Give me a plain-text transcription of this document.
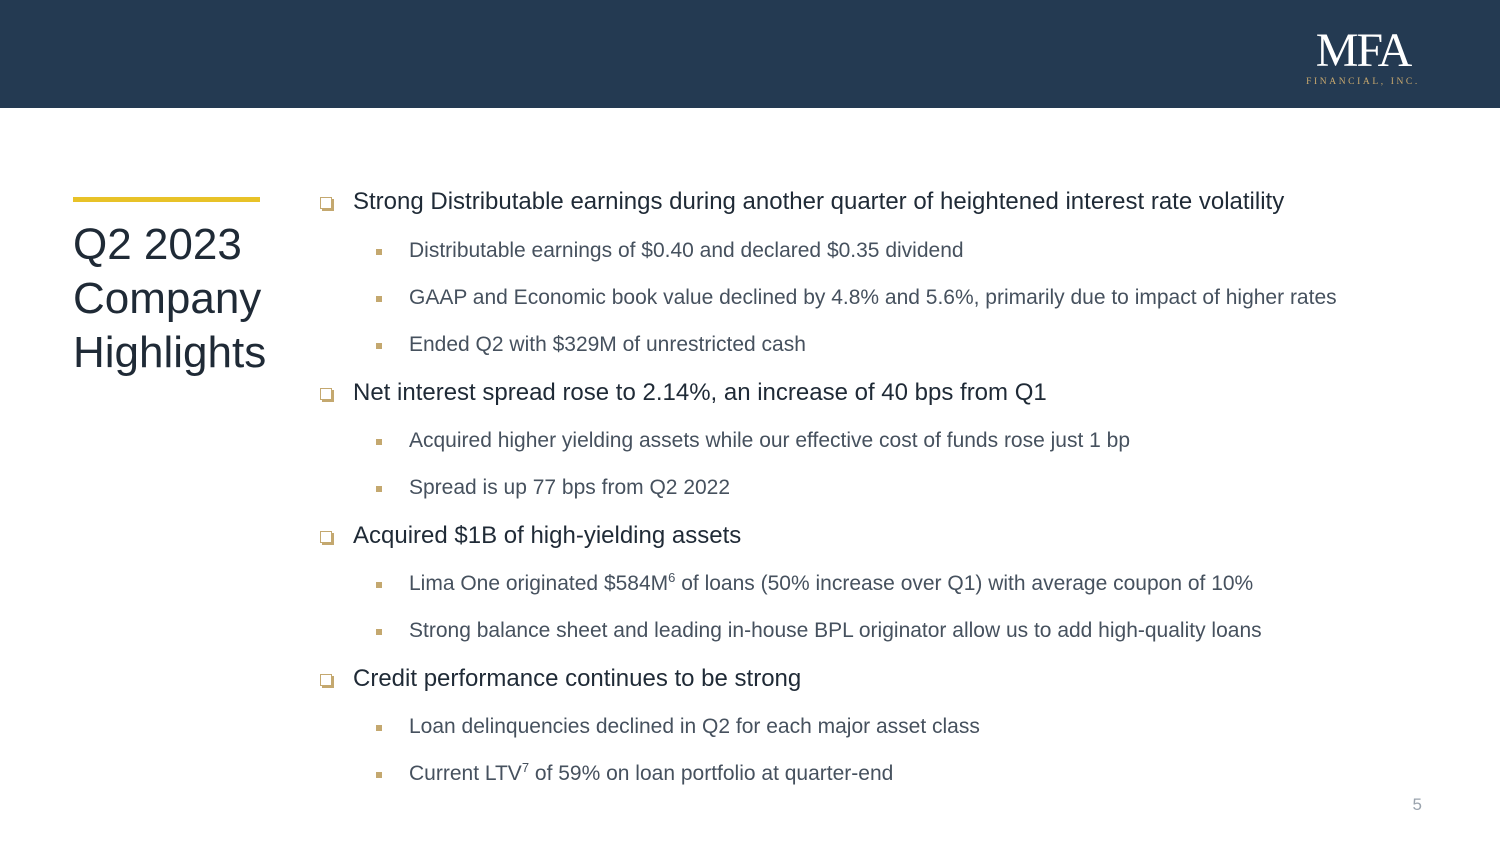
MFA
FINANCIAL, INC.
Q2 2023
Company
Highlights
Strong Distributable earnings during another quarter of heightened interest rate volatility
Distributable earnings of $0.40 and declared $0.35 dividend
GAAP and Economic book value declined by 4.8% and 5.6%, primarily due to impact of higher rates
Ended Q2 with $329M of unrestricted cash
Net interest spread rose to 2.14%, an increase of 40 bps from Q1
Acquired higher yielding assets while our effective cost of funds rose just 1 bp
Spread is up 77 bps from Q2 2022
Acquired $1B of high-yielding assets
Lima One originated $\$584M^6$ of loans (50% increase over Q1) with average coupon of 10%
Strong balance sheet and leading in-house BPL originator allow us to add high-quality loans
Credit performance continues to be strong
Loan delinquencies declined in Q2 for each major asset class
Current LTV$^7$ of 59% on loan portfolio at quarter-end
5
